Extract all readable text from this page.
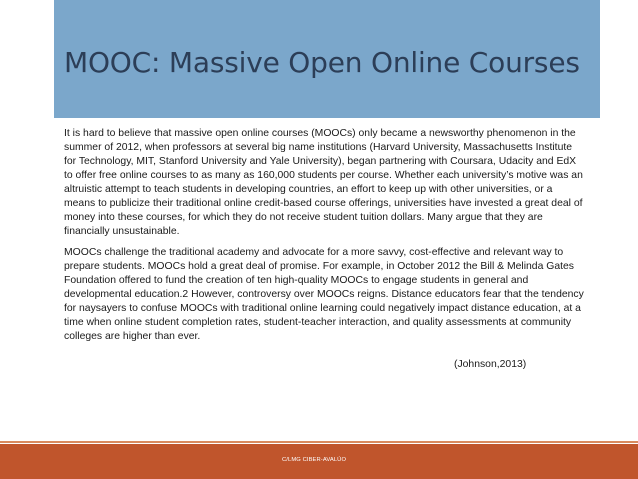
MOOC: Massive Open Online Courses

It is hard to believe that massive open online courses (MOOCs) only became a newsworthy phenomenon in the summer of 2012, when professors at several big name institutions (Harvard University, Massachusetts Institute for Technology, MIT, Stanford University and Yale University), began partnering with Coursara, Udacity and EdX to offer free online courses to as many as 160,000 students per course. Whether each university’s motive was an altruistic attempt to teach students in developing countries, an effort to keep up with other universities, or a means to publicize their traditional online credit-based course offerings, universities have invested a great deal of money into these courses, for which they do not receive student tuition dollars. Many argue that they are financially unsustainable.

MOOCs challenge the traditional academy and advocate for a more savvy, cost-effective and relevant way to prepare students. MOOCs hold a great deal of promise. For example, in October 2012 the Bill & Melinda Gates Foundation offered to fund the creation of ten high-quality MOOCs to engage students in general and developmental education.2 However, controversy over MOOCs reigns. Distance educators fear that the tendency for naysayers to confuse MOOCs with traditional online learning could negatively impact distance education, at a time when online student completion rates, student-teacher interaction, and quality assessments at community colleges are higher than ever.

(Johnson,2013)
C/LMG CIBER-AVALÚO
